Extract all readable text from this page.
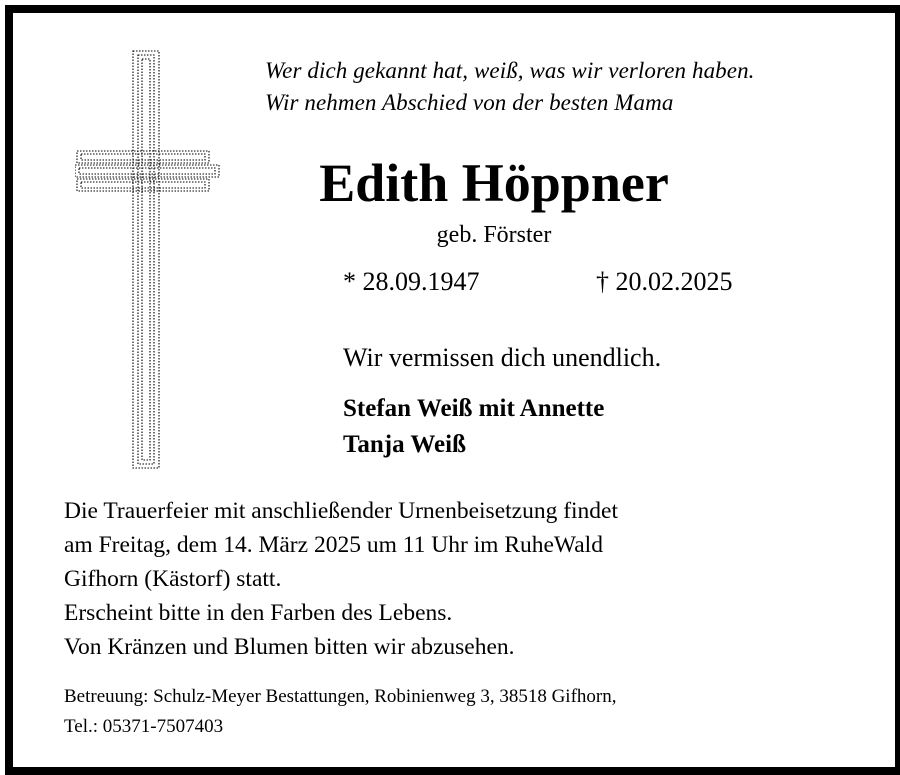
Wer dich gekannt hat, weiß, was wir verloren haben.
Wir nehmen Abschied von der besten Mama
Edith Höppner
geb. Förster
* 28.09.1947	† 20.02.2025
Wir vermissen dich unendlich.
Stefan Weiß mit Annette
Tanja Weiß
Die Trauerfeier mit anschließender Urnenbeisetzung findet
am Freitag, dem 14. März 2025 um 11 Uhr im RuheWald
Gifhorn (Kästorf) statt.
Erscheint bitte in den Farben des Lebens.
Von Kränzen und Blumen bitten wir abzusehen.
Betreuung: Schulz-Meyer Bestattungen, Robinienweg 3, 38518 Gifhorn,
Tel.: 05371-7507403
